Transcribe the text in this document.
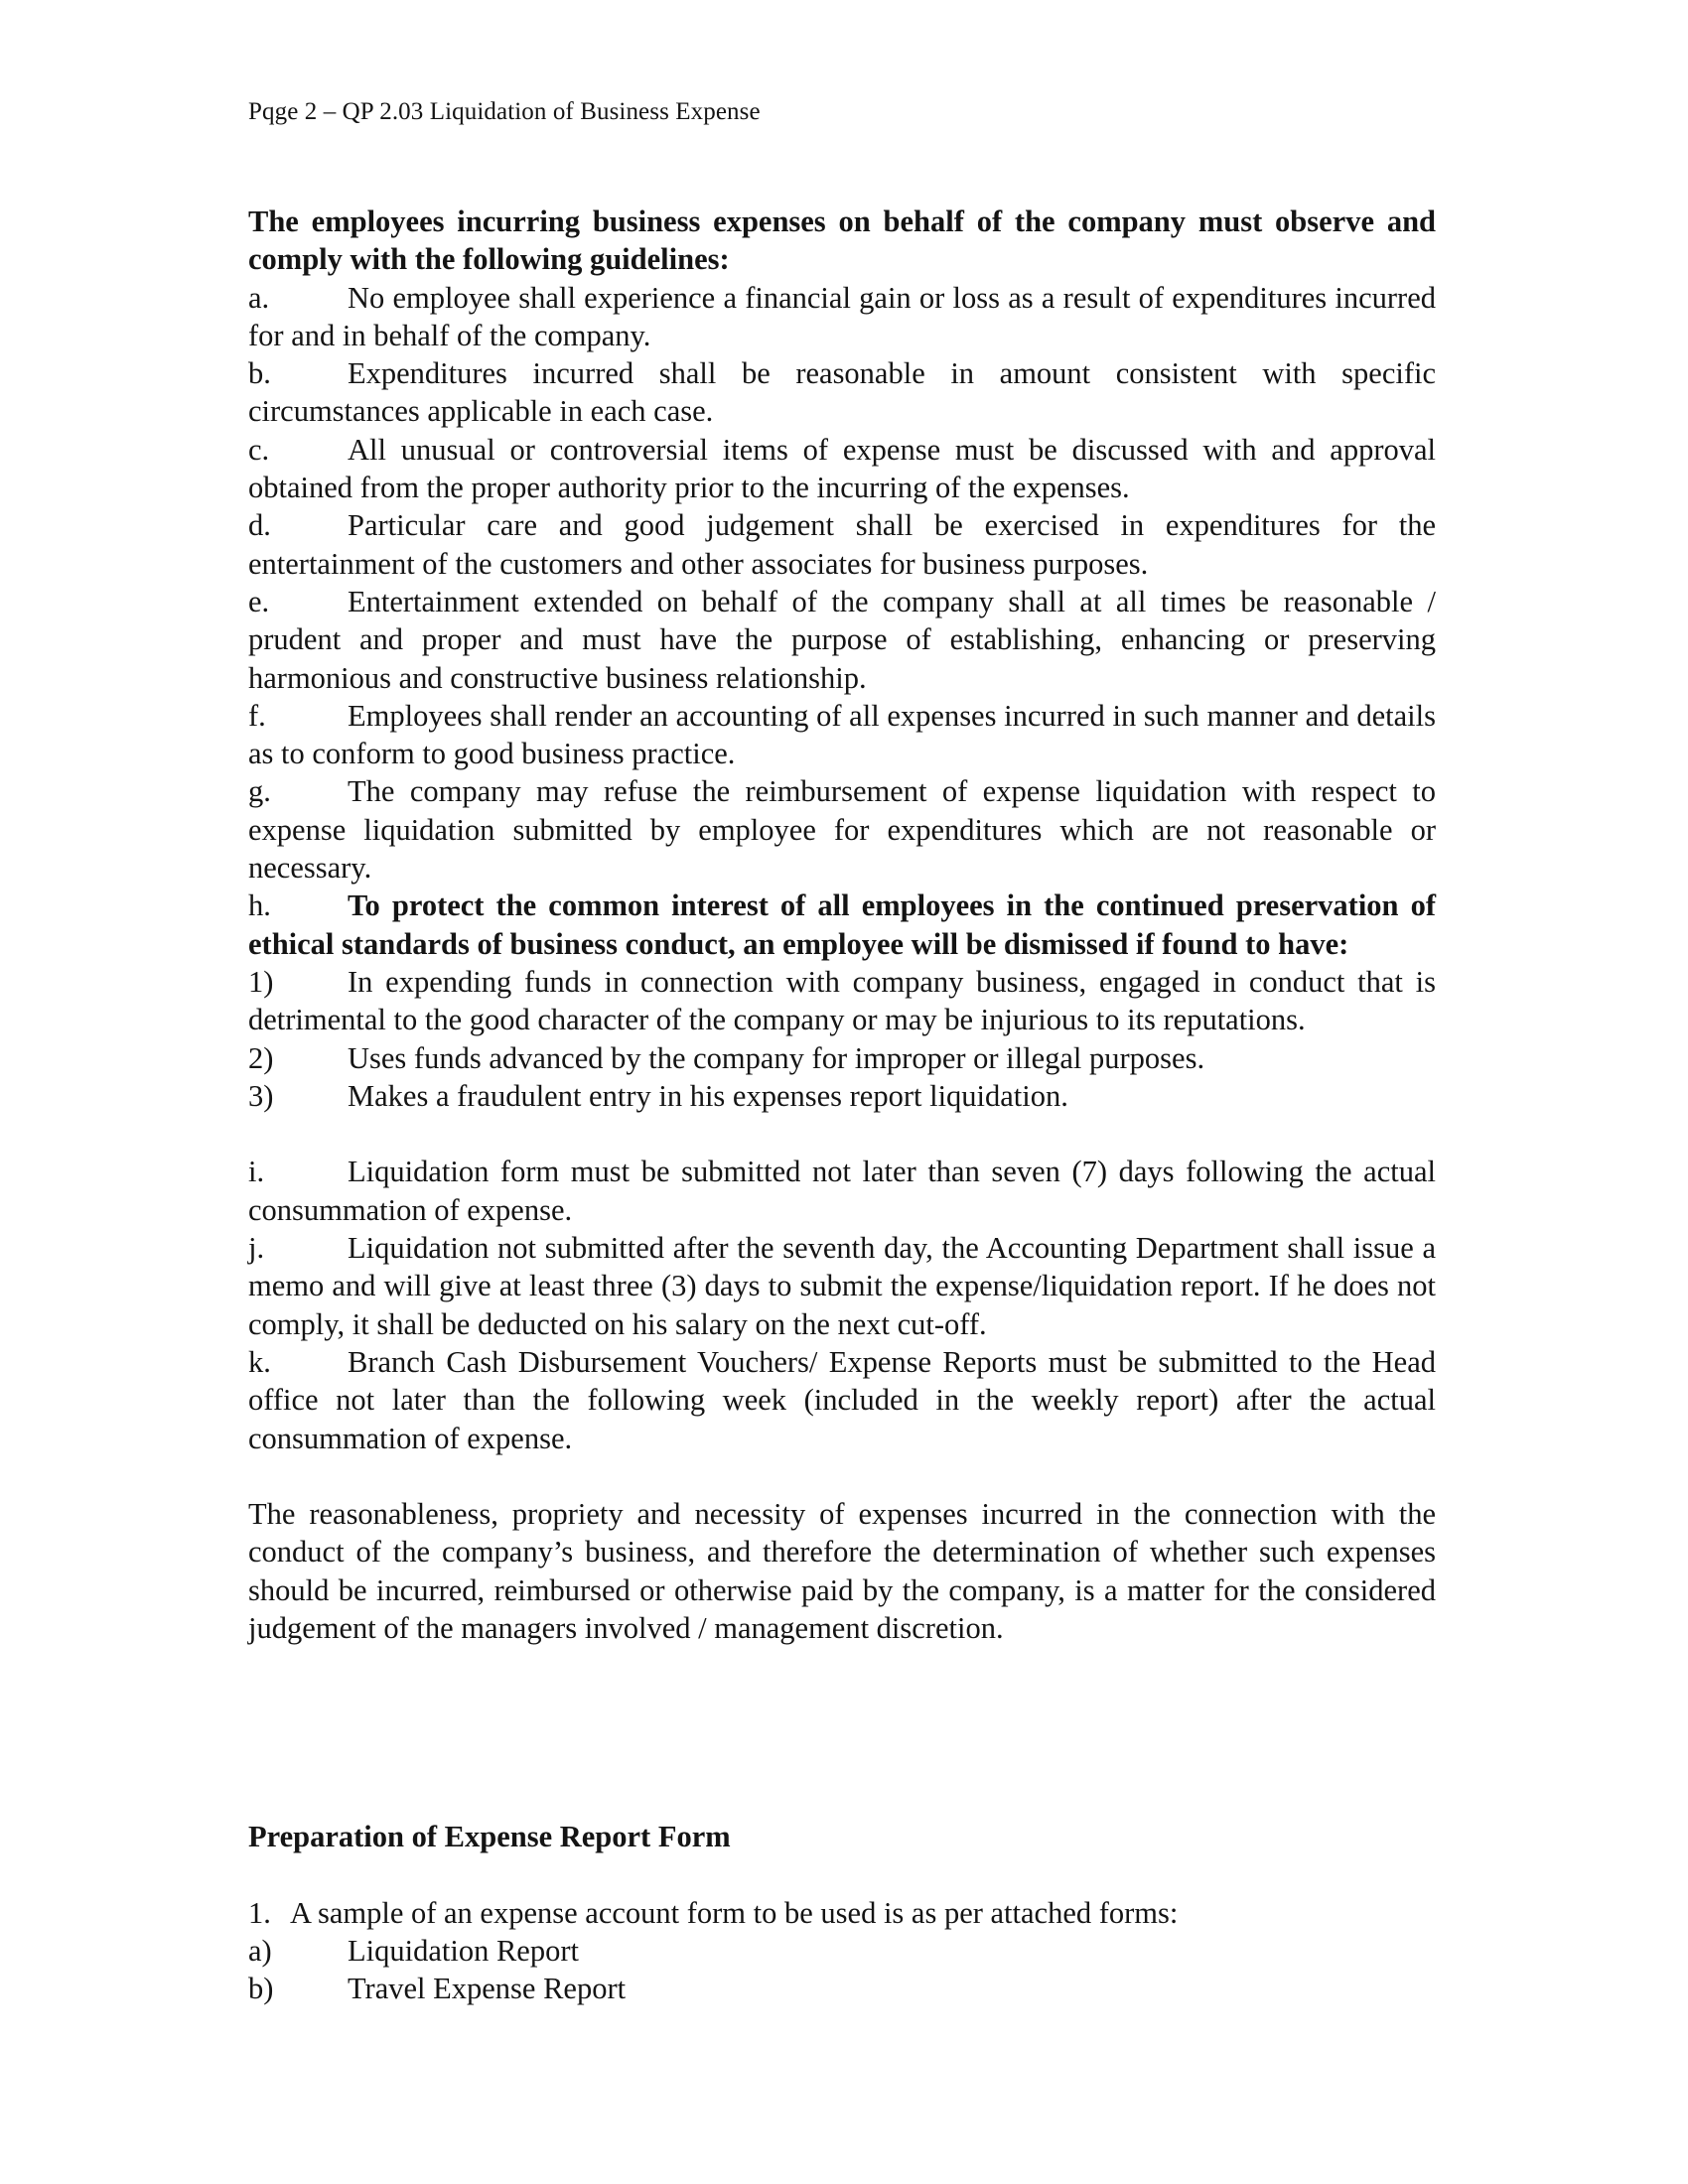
Pqge 2 – QP 2.03 Liquidation of Business Expense

The employees incurring business expenses on behalf of the company must observe and comply with the following guidelines:

a.	No employee shall experience a financial gain or loss as a result of expenditures incurred for and in behalf of the company.

b.	Expenditures incurred shall be reasonable in amount consistent with specific circumstances applicable in each case.

c.	All unusual or controversial items of expense must be discussed with and approval obtained from the proper authority prior to the incurring of the expenses.

d.	Particular care and good judgement shall be exercised in expenditures for the entertainment of the customers and other associates for business purposes.

e.	Entertainment extended on behalf of the company shall at all times be reasonable / prudent and proper and must have the purpose of establishing, enhancing or preserving harmonious and constructive business relationship.

f.	Employees shall render an accounting of all expenses incurred in such manner and details as to conform to good business practice.

g.	The company may refuse the reimbursement of expense liquidation with respect to expense liquidation submitted by employee for expenditures which are not reasonable or necessary.

h.	To protect the common interest of all employees in the continued preservation of ethical standards of business conduct, an employee will be dismissed if found to have:

1) In expending funds in connection with company business, engaged in conduct that is detrimental to the good character of the company or may be injurious to its reputations.

2) Uses funds advanced by the company for improper or illegal purposes.

3) Makes a fraudulent entry in his expenses report liquidation.

i.	Liquidation form must be submitted not later than seven (7) days following the actual consummation of expense.

j.	Liquidation not submitted after the seventh day, the Accounting Department shall issue a memo and will give at least three (3) days to submit the expense/liquidation report. If he does not comply, it shall be deducted on his salary on the next cut-off.

k.	Branch Cash Disbursement Vouchers/ Expense Reports must be submitted to the Head office not later than the following week (included in the weekly report) after the actual consummation of expense.

The reasonableness, propriety and necessity of expenses incurred in the connection with the conduct of the company’s business, and therefore the determination of whether such expenses should be incurred, reimbursed or otherwise paid by the company, is a matter for the considered judgement of the managers involved / management discretion.

Preparation of Expense Report Form

1. A sample of an expense account form to be used is as per attached forms:

a)	Liquidation Report

b) Travel Expense Report
